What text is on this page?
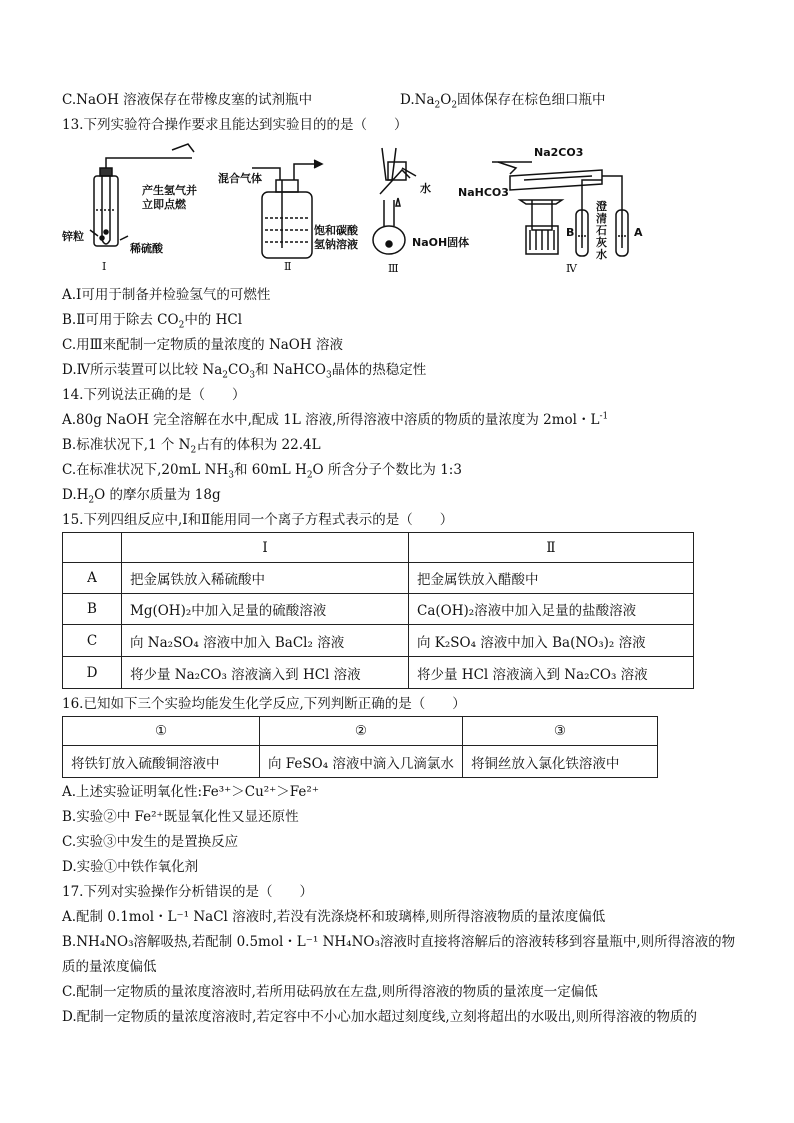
C.NaOH 溶液保存在带橡皮塞的试剂瓶中	$D.Na_2O_2$固体保存在棕色细口瓶中
13.下列实验符合操作要求且能达到实验目的的是（　　）
产生氢气并
立即点燃
锌粒
稀硫酸
Ⅰ
混合气体
饱和碳酸
氢钠溶液
Ⅱ
水
NaOH固体
Ⅲ
Na2CO3
NaHCO3
澄
清
石
灰
水
B	A
Ⅳ
A.Ⅰ可用于制备并检验氢气的可燃性
B.Ⅱ可用于除去 $CO_2$中的 HCl
C.用Ⅲ来配制一定物质的量浓度的 NaOH 溶液
D.Ⅳ所示装置可以比较 $Na_2CO_3$和 NaHCO$_3$晶体的热稳定性
14.下列说法正确的是（　　）
A.80g NaOH 完全溶解在水中,配成 1L 溶液,所得溶液中溶质的物质的量浓度为 2mol・$L^{-1}$
B.标准状况下,1 个 $N_2$占有的体积为 22.4L
C.在标准状况下,20mL $NH_3$和 60mL $H_2O$ 所含分子个数比为 1:3
$D.H_2O$ 的摩尔质量为 18g
15.下列四组反应中,Ⅰ和Ⅱ能用同一个离子方程式表示的是（　　）
	Ⅰ	Ⅱ
A	把金属铁放入稀硫酸中	把金属铁放入醋酸中
B	Mg(OH)₂中加入足量的硫酸溶液	Ca(OH)₂溶液中加入足量的盐酸溶液
C	向 Na₂SO₄ 溶液中加入 BaCl₂ 溶液	向 K₂SO₄ 溶液中加入 Ba(NO₃)₂ 溶液
D	将少量 Na₂CO₃ 溶液滴入到 HCl 溶液	将少量 HCl 溶液滴入到 Na₂CO₃ 溶液
16.已知如下三个实验均能发生化学反应,下列判断正确的是（　　）
①	②	③
将铁钉放入硫酸铜溶液中	向 FeSO₄ 溶液中滴入几滴氯水	将铜丝放入氯化铁溶液中
A.上述实验证明氧化性:Fe³⁺＞Cu²⁺＞Fe²⁺
B.实验②中 Fe²⁺既显氧化性又显还原性
C.实验③中发生的是置换反应
D.实验①中铁作氧化剂
17.下列对实验操作分析错误的是（　　）
A.配制 0.1mol・L⁻¹ NaCl 溶液时,若没有洗涤烧杯和玻璃棒,则所得溶液物质的量浓度偏低
B.NH₄NO₃溶解吸热,若配制 0.5mol・L⁻¹ NH₄NO₃溶液时直接将溶解后的溶液转移到容量瓶中,则所得溶液的物
质的量浓度偏低
C.配制一定物质的量浓度溶液时,若所用砝码放在左盘,则所得溶液的物质的量浓度一定偏低
D.配制一定物质的量浓度溶液时,若定容中不小心加水超过刻度线,立刻将超出的水吸出,则所得溶液的物质的
